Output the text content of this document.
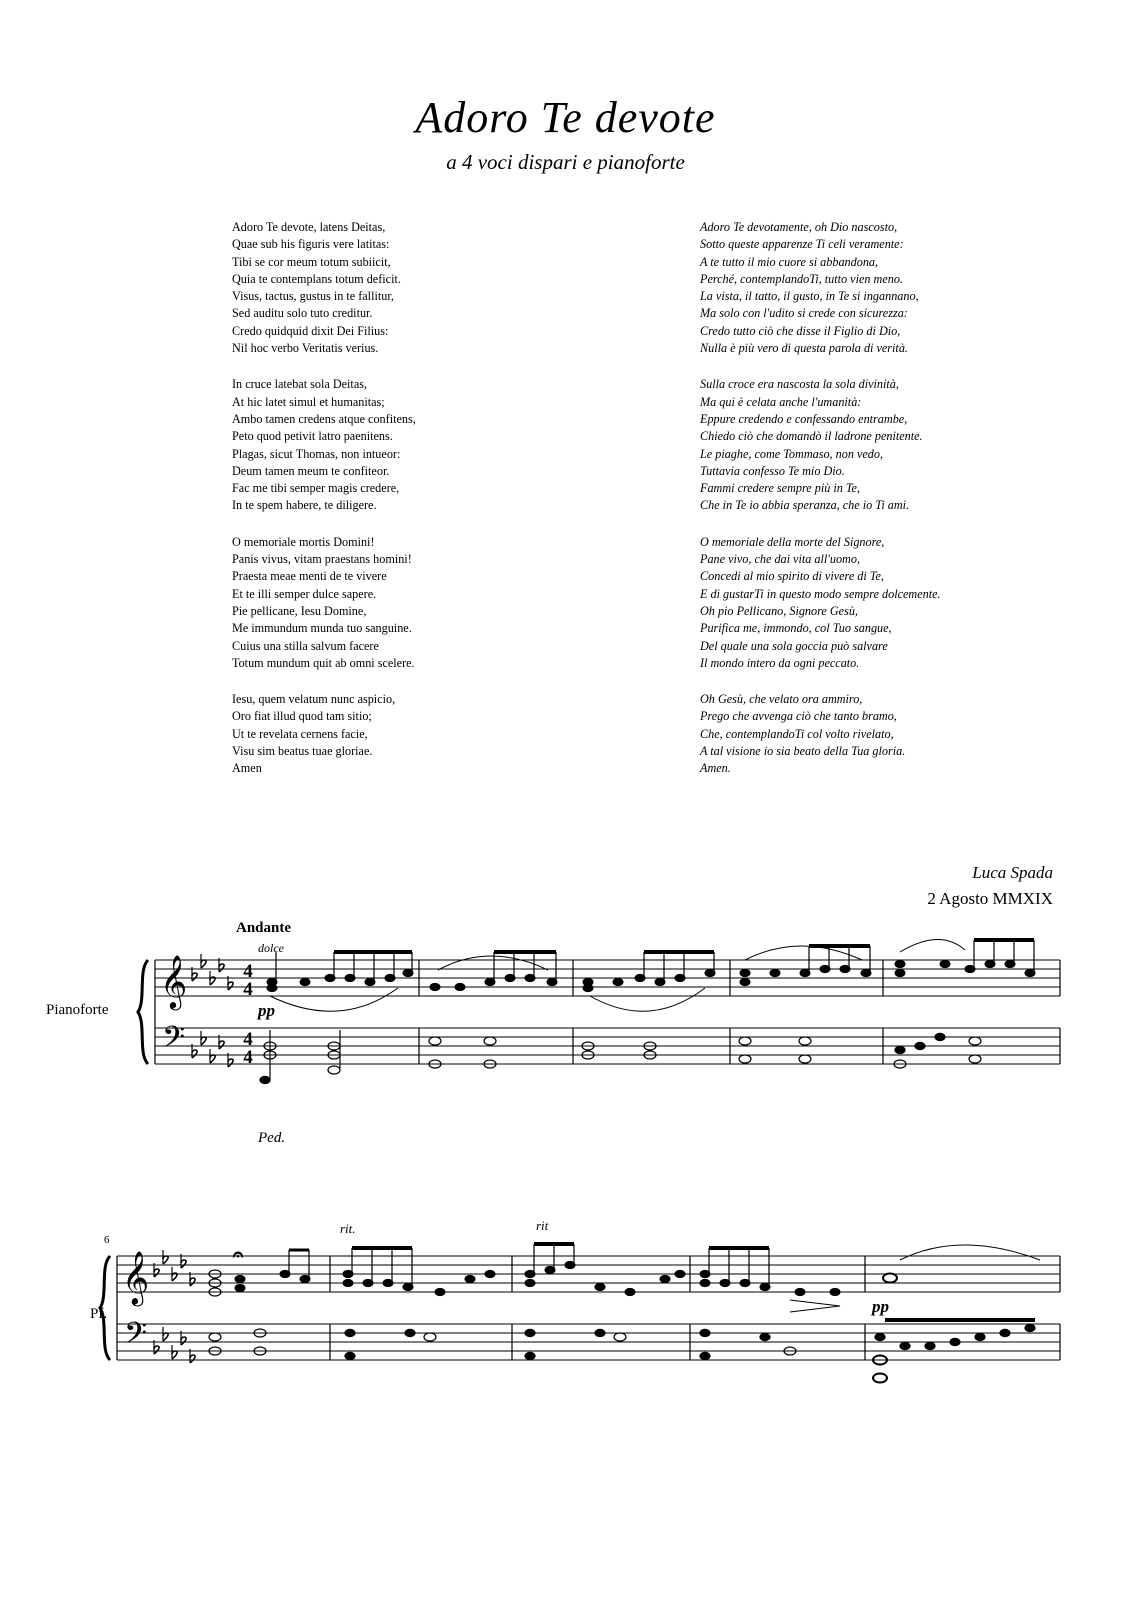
Adoro Te devote
a 4 voci dispari e pianoforte
Adoro Te devote, latens Deitas,
Quae sub his figuris vere latitas:
Tibi se cor meum totum subiicit,
Quia te contemplans totum deficit.
Visus, tactus, gustus in te fallitur,
Sed auditu solo tuto creditur.
Credo quidquid dixit Dei Filius:
Nil hoc verbo Veritatis verius.
In cruce latebat sola Deitas,
At hic latet simul et humanitas;
Ambo tamen credens atque confitens,
Peto quod petivit latro paenitens.
Plagas, sicut Thomas, non intueor:
Deum tamen meum te confiteor.
Fac me tibi semper magis credere,
In te spem habere, te diligere.
O memoriale mortis Domini!
Panis vivus, vitam praestans homini!
Praesta meae menti de te vivere
Et te illi semper dulce sapere.
Pie pellicane, Iesu Domine,
Me immundum munda tuo sanguine.
Cuius una stilla salvum facere
Totum mundum quit ab omni scelere.
Iesu, quem velatum nunc aspicio,
Oro fiat illud quod tam sitio;
Ut te revelata cernens facie,
Visu sim beatus tuae gloriae.
Amen
Adoro Te devotamente, oh Dio nascosto,
Sotto queste apparenze Ti celi veramente:
A te tutto il mio cuore si abbandona,
Perché, contemplandoTi, tutto vien meno.
La vista, il tatto, il gusto, in Te si ingannano,
Ma solo con l'udito si crede con sicurezza:
Credo tutto ciò che disse il Figlio di Dio,
Nulla è più vero di questa parola di verità.
Sulla croce era nascosta la sola divinità,
Ma qui è celata anche l'umanità:
Eppure credendo e confessando entrambe,
Chiedo ciò che domandò il ladrone penitente.
Le piaghe, come Tommaso, non vedo,
Tuttavia confesso Te mio Dio.
Fammi credere sempre più in Te,
Che in Te io abbia speranza, che io Ti ami.
O memoriale della morte del Signore,
Pane vivo, che dai vita all'uomo,
Concedi al mio spirito di vivere di Te,
E di gustarTi in questo modo sempre dolcemente.
Oh pio Pellicano, Signore Gesù,
Purifica me, immondo, col Tuo sangue,
Del quale una sola goccia può salvare
Il mondo intero da ogni peccato.
Oh Gesù, che velato ora ammiro,
Prego che avvenga ciò che tanto bramo,
Che, contemplandoTi col volto rivelato,
A tal visione io sia beato della Tua gloria.
Amen.
Luca Spada
2 Agosto MMXIX
Andante
dolce
Pianoforte
𝄞
𝄢
4
4
4
4
pp
Ped.
6
Pf.
rit.	rit
𝄞
𝄢
𝄐
pp
